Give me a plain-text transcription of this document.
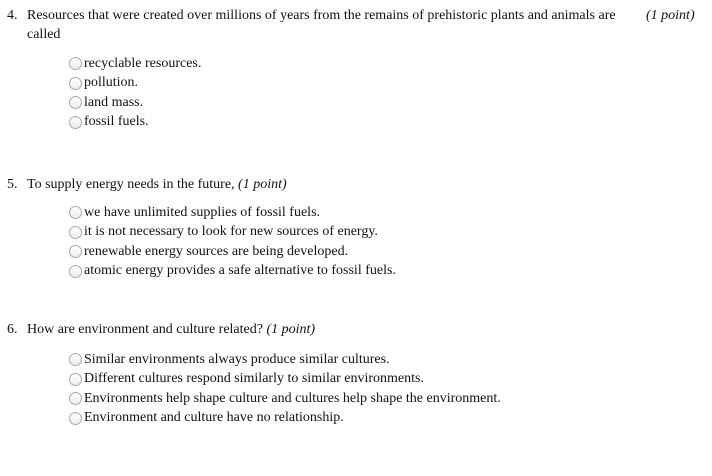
4. Resources that were created over millions of years from the remains of prehistoric plants and animals are called
(1 point)
recyclable resources.
pollution.
land mass.
fossil fuels.
5. To supply energy needs in the future, (1 point)
we have unlimited supplies of fossil fuels.
it is not necessary to look for new sources of energy.
renewable energy sources are being developed.
atomic energy provides a safe alternative to fossil fuels.
6. How are environment and culture related? (1 point)
Similar environments always produce similar cultures.
Different cultures respond similarly to similar environments.
Environments help shape culture and cultures help shape the environment.
Environment and culture have no relationship.
